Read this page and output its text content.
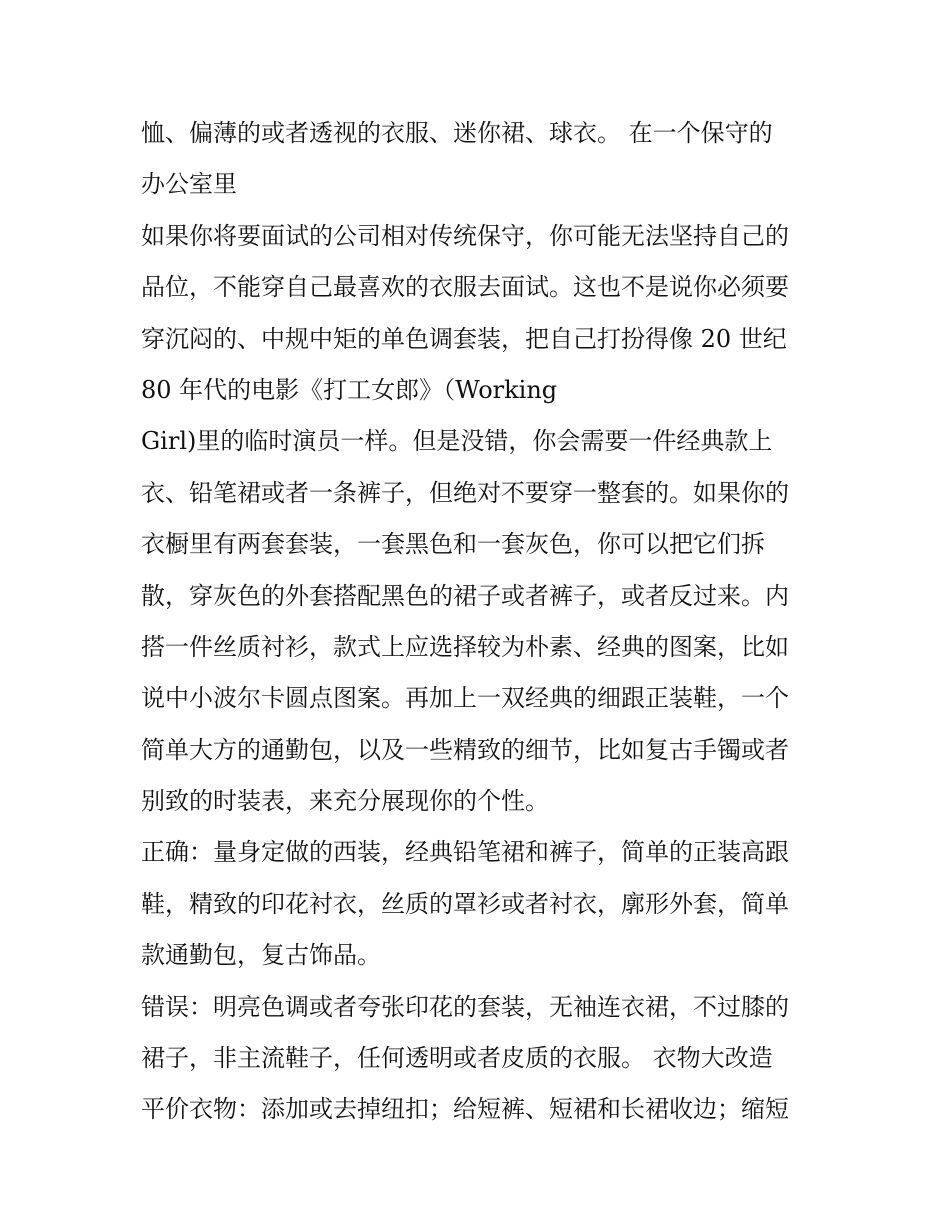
恤、偏薄的或者透视的衣服、迷你裙、球衣。 在一个保守的
办公室里
如果你将要面试的公司相对传统保守，你可能无法坚持自己的
品位，不能穿自己最喜欢的衣服去面试。这也不是说你必须要
穿沉闷的、中规中矩的单色调套装，把自己打扮得像 20 世纪
80 年代的电影《打工女郎》（Working
Girl)里的临时演员一样。但是没错，你会需要一件经典款上
衣、铅笔裙或者一条裤子，但绝对不要穿一整套的。如果你的
衣橱里有两套套装，一套黑色和一套灰色，你可以把它们拆
散，穿灰色的外套搭配黑色的裙子或者裤子，或者反过来。内
搭一件丝质衬衫，款式上应选择较为朴素、经典的图案，比如
说中小波尔卡圆点图案。再加上一双经典的细跟正装鞋，一个
简单大方的通勤包，以及一些精致的细节，比如复古手镯或者
别致的时装表，来充分展现你的个性。
正确：量身定做的西装，经典铅笔裙和裤子，简单的正装高跟
鞋，精致的印花衬衣，丝质的罩衫或者衬衣，廓形外套，简单
款通勤包，复古饰品。
错误：明亮色调或者夸张印花的套装，无袖连衣裙，不过膝的
裙子，非主流鞋子，任何透明或者皮质的衣服。 衣物大改造
平价衣物：添加或去掉纽扣；给短裤、短裙和长裙收边；缩短
